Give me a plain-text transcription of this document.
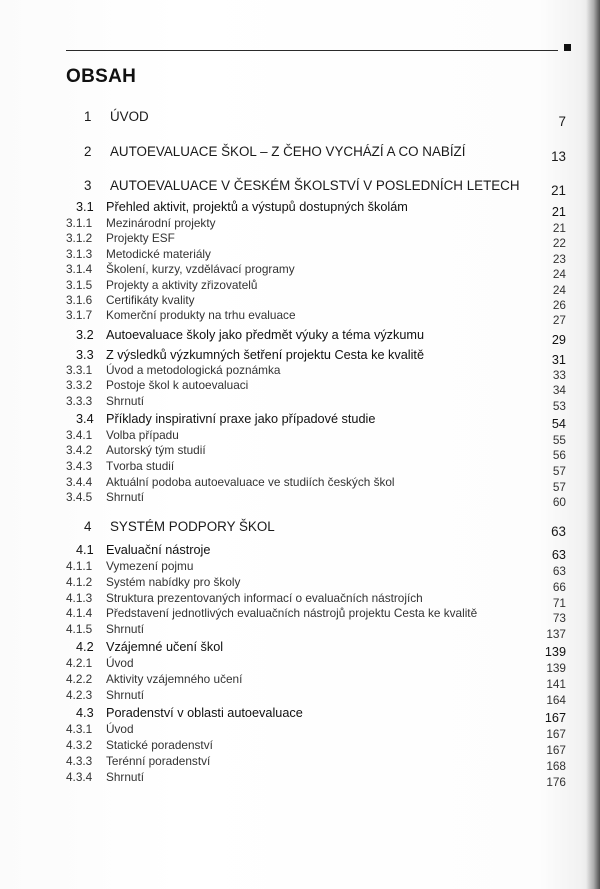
OBSAH
1 ÚVOD	7
2 AUTOEVALUACE ŠKOL – Z ČEHO VYCHÁZÍ A CO NABÍZÍ	13
3 AUTOEVALUACE V ČESKÉM ŠKOLSTVÍ V POSLEDNÍCH LETECH 21
3.1 Přehled aktivit, projektů a výstupů dostupných školám	21
3.1.1 Mezinárodní projekty	21
3.1.2 Projekty ESF	22
3.1.3 Metodické materiály	23
3.1.4 Školení, kurzy, vzdělávací programy	24
3.1.5 Projekty a aktivity zřizovatelů	24
3.1.6 Certifikáty kvality	26
3.1.7 Komerční produkty na trhu evaluace	27
3.2 Autoevaluace školy jako předmět výuky a téma výzkumu	29
3.3 Z výsledků výzkumných šetření projektu Cesta ke kvalitě	31
3.3.1 Úvod a metodologická poznámka	33
3.3.2 Postoje škol k autoevaluaci	34
3.3.3 Shrnutí	53
3.4 Příklady inspirativní praxe jako případové studie	54
3.4.1 Volba případu	55
3.4.2 Autorský tým studií	56
3.4.3 Tvorba studií	57
3.4.4 Aktuální podoba autoevaluace ve studiích českých škol	57
3.4.5 Shrnutí	60
4 SYSTÉM PODPORY ŠKOL	63
4.1 Evaluační nástroje	63
4.1.1 Vymezení pojmu	63
4.1.2 Systém nabídky pro školy	66
4.1.3 Struktura prezentovaných informací o evaluačních nástrojích	71
4.1.4 Představení jednotlivých evaluačních nástrojů projektu Cesta ke kvalitě	73
4.1.5 Shrnutí	137
4.2 Vzájemné učení škol	139
4.2.1 Úvod	139
4.2.2 Aktivity vzájemného učení	141
4.2.3 Shrnutí	164
4.3 Poradenství v oblasti autoevaluace	167
4.3.1 Úvod	167
4.3.2 Statické poradenství	167
4.3.3 Terénní poradenství	168
4.3.4 Shrnutí	176
